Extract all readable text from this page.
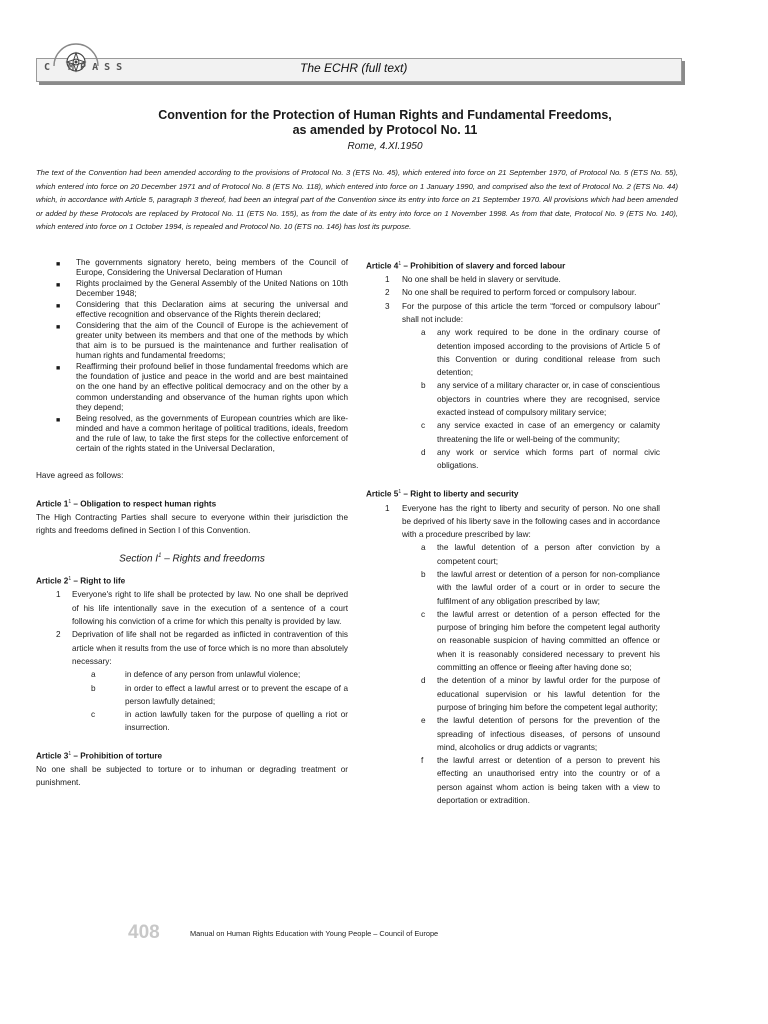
C MPASS	The ECHR (full text)
Convention for the Protection of Human Rights and Fundamental Freedoms,
as amended by Protocol No. 11
Rome, 4.XI.1950

The text of the Convention had been amended according to the provisions of Protocol No. 3 (ETS No. 45), which entered into force on 21 September 1970, of Protocol No. 5 (ETS No. 55), which entered into force on 20 December 1971 and of Protocol No. 8 (ETS No. 118), which entered into force on 1 January 1990, and comprised also the text of Protocol No. 2 (ETS No. 44) which, in accordance with Article 5, paragraph 3 thereof, had been an integral part of the Convention since its entry into force on 21 September 1970. All provisions which had been amended or added by these Protocols are replaced by Protocol No. 11 (ETS No. 155), as from the date of its entry into force on 1 November 1998. As from that date, Protocol No. 9 (ETS No. 140), which entered into force on 1 October 1994, is repealed and Protocol No. 10 (ETS no. 146) has lost its purpose.

■	The governments signatory hereto, being members of the Council of Europe, Considering the Universal Declaration of Human
■	Rights proclaimed by the General Assembly of the United Nations on 10th December 1948;
■	Considering that this Declaration aims at securing the universal and effective recognition and observance of the Rights therein declared;
■	Considering that the aim of the Council of Europe is the achievement of greater unity between its members and that one of the methods by which that aim is to be pursued is the maintenance and further realisation of human rights and fundamental freedoms;
■	Reaffirming their profound belief in those fundamental freedoms which are the foundation of justice and peace in the world and are best maintained on the one hand by an effective political democracy and on the other by a common understanding and observance of the human rights upon which they depend;
■	Being resolved, as the governments of European countries which are like-minded and have a common heritage of political traditions, ideals, freedom and the rule of law, to take the first steps for the collective enforcement of certain of the rights stated in the Universal Declaration,

Have agreed as follows:

Article $1^1$ – Obligation to respect human rights

The High Contracting Parties shall secure to everyone within their jurisdiction the rights and freedoms defined in Section I of this Convention.

Section $I^1$ – Rights and freedoms

Article $2^1$ – Right to life

1	Everyone's right to life shall be protected by law. No one shall be deprived of his life intentionally save in the execution of a sentence of a court following his conviction of a crime for which this penalty is provided by law.
2	Deprivation of life shall not be regarded as inflicted in contravention of this article when it results from the use of force which is no more than absolutely necessary:
a	in defence of any person from unlawful violence;
b	in order to effect a lawful arrest or to prevent the escape of a person lawfully detained;
c	in action lawfully taken for the purpose of quelling a riot or insurrection.

Article $3^1$ – Prohibition of torture

No one shall be subjected to torture or to inhuman or degrading treatment or punishment.

Article $4^1$ – Prohibition of slavery and forced labour

1	No one shall be held in slavery or servitude.
2	No one shall be required to perform forced or compulsory labour.
3	For the purpose of this article the term “forced or compulsory labour” shall not include:
a	any work required to be done in the ordinary course of detention imposed according to the provisions of Article 5 of this Convention or during conditional release from such detention;
b	any service of a military character or, in case of conscientious objectors in countries where they are recognised, service exacted instead of compulsory military service;
c	any service exacted in case of an emergency or calamity threatening the life or well-being of the community;
d	any work or service which forms part of normal civic obligations.

Article $5^1$ – Right to liberty and security

1	Everyone has the right to liberty and security of person. No one shall be deprived of his liberty save in the following cases and in accordance with a procedure prescribed by law:
a	the lawful detention of a person after conviction by a competent court;
b	the lawful arrest or detention of a person for non-compliance with the lawful order of a court or in order to secure the fulfilment of any obligation prescribed by law;
c	the lawful arrest or detention of a person effected for the purpose of bringing him before the competent legal authority on reasonable suspicion of having committed an offence or when it is reasonably considered necessary to prevent his committing an offence or fleeing after having done so;
d	the detention of a minor by lawful order for the purpose of educational supervision or his lawful detention for the purpose of bringing him before the competent legal authority;
e	the lawful detention of persons for the prevention of the spreading of infectious diseases, of persons of unsound mind, alcoholics or drug addicts or vagrants;
f	the lawful arrest or detention of a person to prevent his effecting an unauthorised entry into the country or of a person against whom action is being taken with a view to deportation or extradition.
408	Manual on Human Rights Education with Young People – Council of Europe
